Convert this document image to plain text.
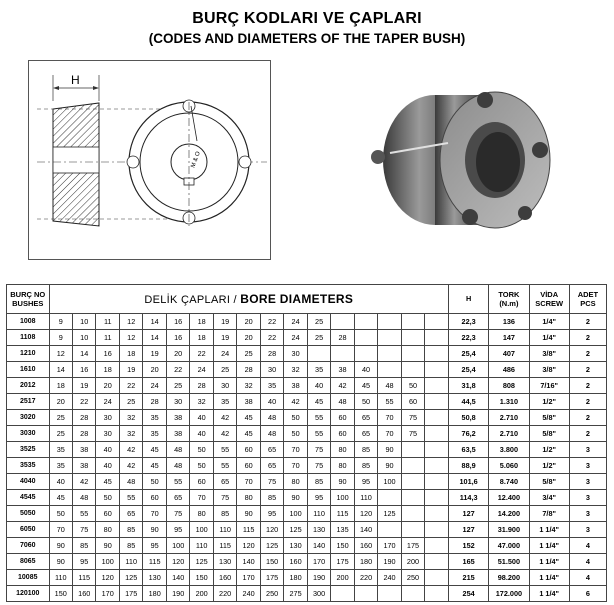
BURÇ KODLARI VE ÇAPLARI
(CODES AND DIAMETERS OF THE TAPER BUSH)
H
M & O
BURÇ NO BUSHES	DELİK ÇAPLARI / BORE DIAMETERS																	H	TORK (N.m)	VİDA SCREW	ADET PCS
1008	9	10	11	12	14	16	18	19	20	22	24	25						22,3	136	1/4"	2
1108	9	10	11	12	14	16	18	19	20	22	24	25	28					22,3	147	1/4"	2
1210	12	14	16	18	19	20	22	24	25	28	30							25,4	407	3/8"	2
1610	14	16	18	19	20	22	24	25	28	30	32	35	38	40				25,4	486	3/8"	2
2012	18	19	20	22	24	25	28	30	32	35	38	40	42	45	48	50		31,8	808	7/16"	2
2517	20	22	24	25	28	30	32	35	38	40	42	45	48	50	55	60		44,5	1.310	1/2"	2
3020	25	28	30	32	35	38	40	42	45	48	50	55	60	65	70	75		50,8	2.710	5/8"	2
3030	25	28	30	32	35	38	40	42	45	48	50	55	60	65	70	75		76,2	2.710	5/8"	2
3525	35	38	40	42	45	48	50	55	60	65	70	75	80	85	90			63,5	3.800	1/2"	3
3535	35	38	40	42	45	48	50	55	60	65	70	75	80	85	90			88,9	5.060	1/2"	3
4040	40	42	45	48	50	55	60	65	70	75	80	85	90	95	100			101,6	8.740	5/8"	3
4545	45	48	50	55	60	65	70	75	80	85	90	95	100	110				114,3	12.400	3/4"	3
5050	50	55	60	65	70	75	80	85	90	95	100	110	115	120	125			127	14.200	7/8"	3
6050	70	75	80	85	90	95	100	110	115	120	125	130	135	140				127	31.900	1 1/4"	3
7060	90	85	90	85	95	100	110	115	120	125	130	140	150	160	170	175		152	47.000	1 1/4"	4
8065	90	95	100	110	115	120	125	130	140	150	160	170	175	180	190	200		165	51.500	1 1/4"	4
10085	110	115	120	125	130	140	150	160	170	175	180	190	200	220	240	250		215	98.200	1 1/4"	4
120100	150	160	170	175	180	190	200	220	240	250	275	300						254	172.000	1 1/4"	6
